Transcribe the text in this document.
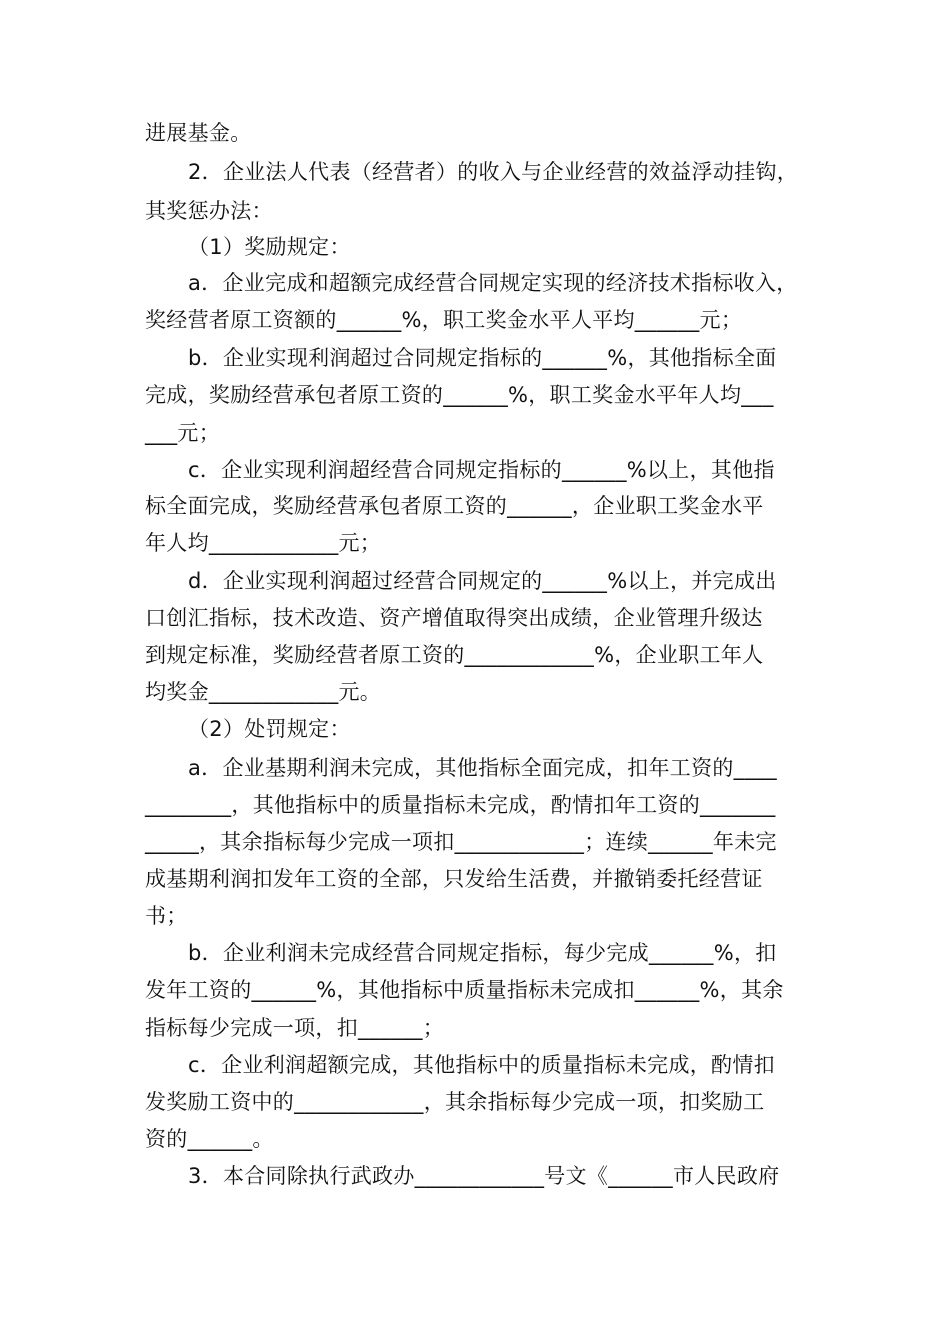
进展基金。
2．企业法人代表（经营者）的收入与企业经营的效益浮动挂钩，
其奖惩办法：
（1）奖励规定：
a．企业完成和超额完成经营合同规定实现的经济技术指标收入，
奖经营者原工资额的______%，职工奖金水平人平均______元；
b．企业实现利润超过合同规定指标的______%，其他指标全面
完成，奖励经营承包者原工资的______%，职工奖金水平年人均___
___元；
c．企业实现利润超经营合同规定指标的______%以上，其他指
标全面完成，奖励经营承包者原工资的______，企业职工奖金水平
年人均____________元；
d．企业实现利润超过经营合同规定的______%以上，并完成出
口创汇指标，技术改造、资产增值取得突出成绩，企业管理升级达
到规定标准，奖励经营者原工资的____________%，企业职工年人
均奖金____________元。
（2）处罚规定：
a．企业基期利润未完成，其他指标全面完成，扣年工资的____
________，其他指标中的质量指标未完成，酌情扣年工资的_______
_____，其余指标每少完成一项扣____________；连续______年未完
成基期利润扣发年工资的全部，只发给生活费，并撤销委托经营证
书；
b．企业利润未完成经营合同规定指标，每少完成______%，扣
发年工资的______%，其他指标中质量指标未完成扣______%，其余
指标每少完成一项，扣______；
c．企业利润超额完成，其他指标中的质量指标未完成，酌情扣
发奖励工资中的____________，其余指标每少完成一项，扣奖励工
资的______。
3．本合同除执行武政办____________号文《______市人民政府
